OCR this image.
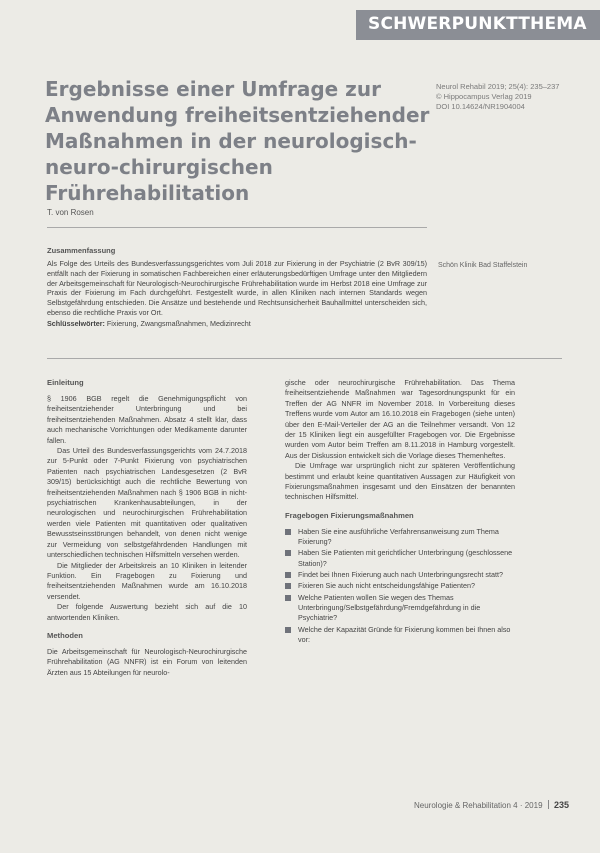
SCHWERPUNKTTHEMA
Ergebnisse einer Umfrage zur Anwendung freiheitsentziehender Maßnahmen in der neurologisch-neuro-chirurgischen Frührehabilitation
Neurol Rehabil 2019; 25(4): 235–237
© Hippocampus Verlag 2019
DOI 10.14624/NR1904004
T. von Rosen
Zusammenfassung
Als Folge des Urteils des Bundesverfassungsgerichtes vom Juli 2018 zur Fixierung in der Psychiatrie (2 BvR 309/15) entfällt nach der Fixierung in somatischen Fachbereichen einer erläuterungsbedürftigen Umfrage unter den Mitgliedern der Arbeitsgemeinschaft für Neurologisch-Neurochirurgische Frührehabilitation wurde im Herbst 2018 eine Umfrage zur Praxis der Fixierung im Fach durchgeführt. Festgestellt wurde, in allen Kliniken nach internen Standards wegen Selbstgefährdung entschieden. Die Ansätze und bestehende und Rechtsunsicherheit Bauhallmittel unterscheiden sich, ebenso die rechtliche Praxis vor Ort.
Schlüsselwörter: Fixierung, Zwangsmaßnahmen, Medizinrecht
Schön Klinik Bad Staffelstein
Einleitung

§ 1906 BGB regelt die Genehmigungspflicht von freiheitsentziehender Unterbringung und bei freiheitsentziehenden Maßnahmen. Absatz 4 stellt klar, dass auch mechanische Vorrichtungen oder Medikamente darunter fallen.

Das Urteil des Bundesverfassungsgerichts vom 24.7.2018 zur 5-Punkt oder 7-Punkt Fixierung von psychiatrischen Patienten nach psychiatrischen Landesgesetzen (2 BvR 309/15) berücksichtigt auch die rechtliche Bewertung von freiheitsentziehenden Maßnahmen nach § 1906 BGB in nicht-psychiatrischen Krankenhausabteilungen, in der neurologischen und neurochirurgischen Frührehabilitation werden viele Patienten mit quantitativen oder qualitativen Bewusstseinsstörungen behandelt, von denen nicht wenige zur Vermeidung von selbstgefährdenden Handlungen mit unterschiedlichen technischen Hilfsmitteln versehen werden.

Die Mitglieder der Arbeitskreis an 10 Kliniken in leitender Funktion. Ein Fragebogen zu Fixierung und freiheitsentziehenden Maßnahmen wurde am 16.10.2018 versendet.

Der folgende Auswertung bezieht sich auf die 10 antwortenden Kliniken.

Methoden

Die Arbeitsgemeinschaft für Neurologisch-Neurochirurgische Frührehabilitation (AG NNFR) ist ein Forum von leitenden Ärzten aus 15 Abteilungen für neurolo-

gische oder neurochirurgische Frührehabilitation. Das Thema freiheitsentziehende Maßnahmen war Tagesordnungspunkt für ein Treffen der AG NNFR im November 2018. In Vorbereitung dieses Treffens wurde vom Autor am 16.10.2018 ein Fragebogen (siehe unten) über den E-Mail-Verteiler der AG an die Teilnehmer versandt. Von 12 der 15 Kliniken liegt ein ausgefüllter Fragebogen vor. Die Ergebnisse wurden vom Autor beim Treffen am 8.11.2018 in Hamburg vorgestellt. Aus der Diskussion entwickelt sich die Vorlage dieses Themenheftes.

Die Umfrage war ursprünglich nicht zur späteren Veröffentlichung bestimmt und erlaubt keine quantitativen Aussagen zur Häufigkeit von Fixierungsmaßnahmen insgesamt und den Einsätzen der benannten technischen Hilfsmittel.

Fragebogen Fixierungsmaßnahmen
Haben Sie eine ausführliche Verfahrensanweisung zum Thema Fixierung?
Haben Sie Patienten mit gerichtlicher Unterbringung (geschlossene Station)?
Findet bei Ihnen Fixierung auch nach Unterbringungsrecht statt?
Fixieren Sie auch nicht entscheidungsfähige Patienten?
Welche Patienten wollen Sie wegen des Themas Unterbringung/Selbstgefährdung/Fremdgefährdung in die Psychiatrie?
Welche der Kapazität Gründe für Fixierung kommen bei Ihnen also vor:
Neurologie & Rehabilitation 4 · 2019 235
